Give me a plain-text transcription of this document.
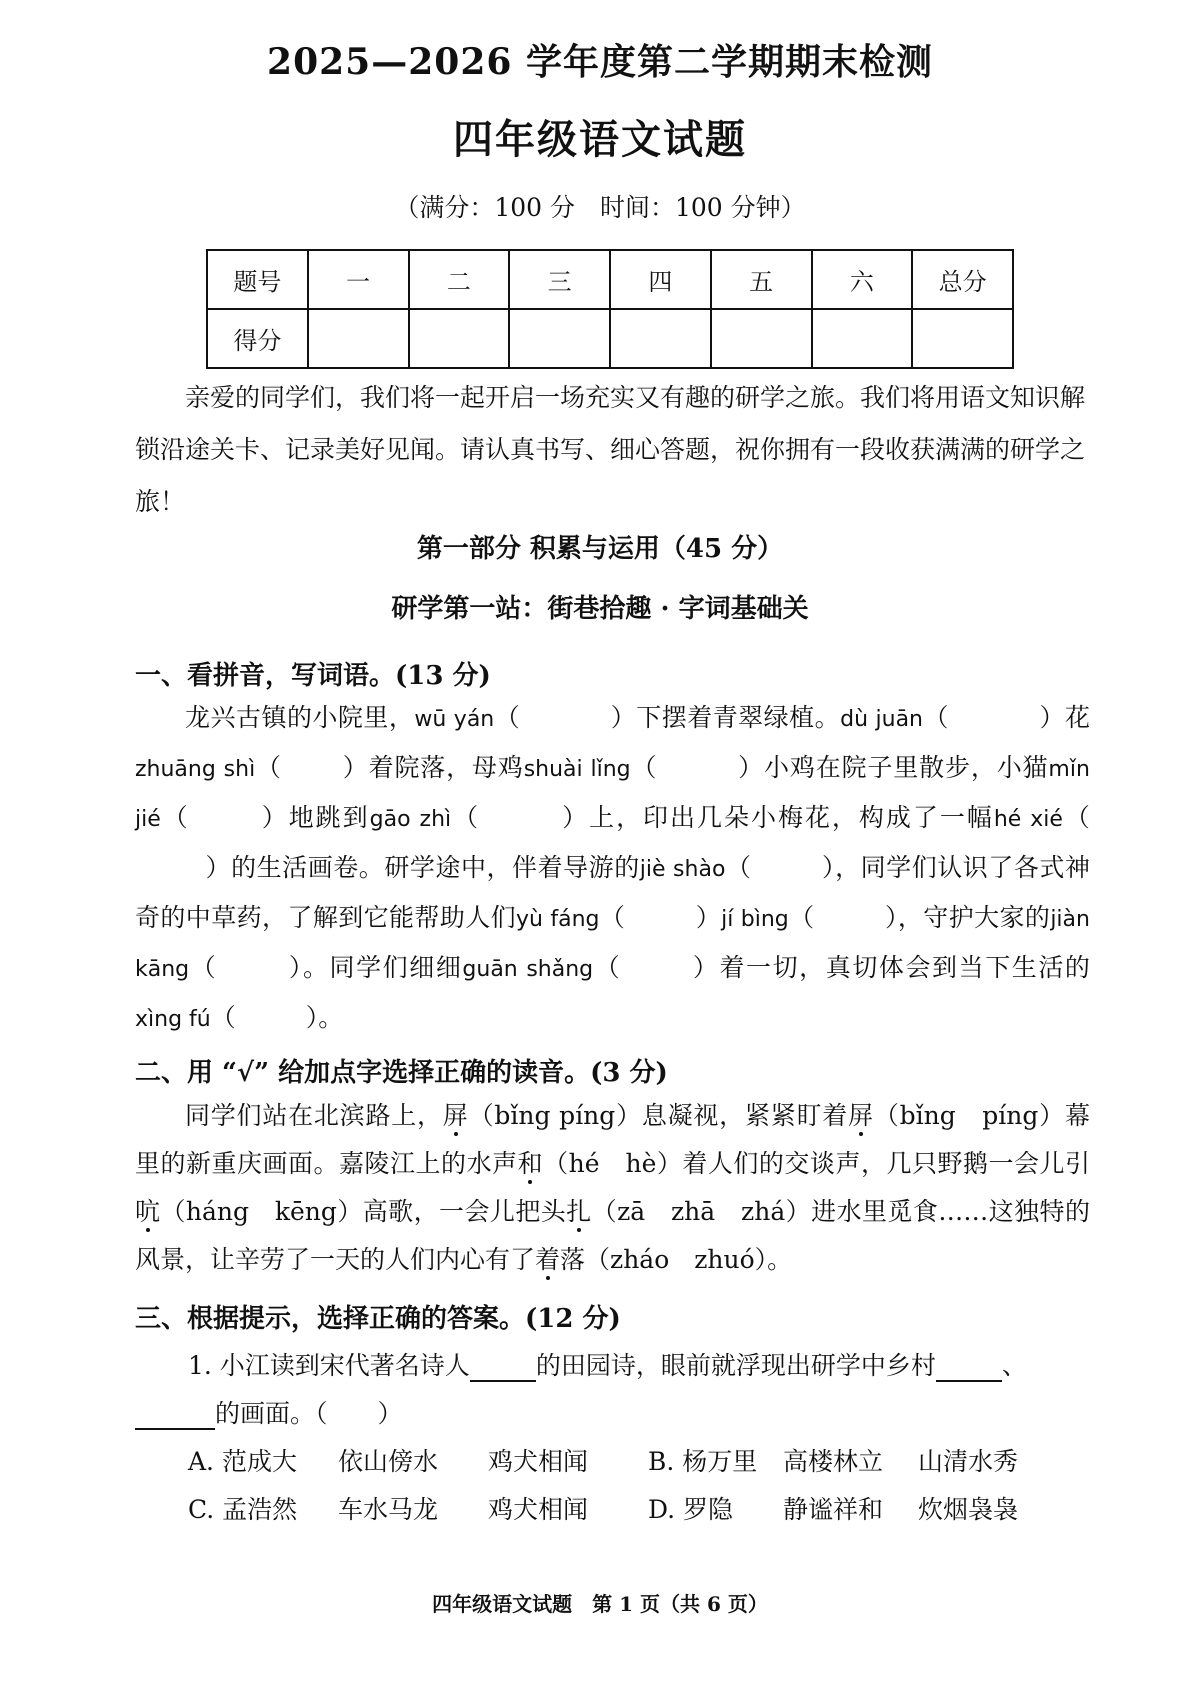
2025—2026 学年度第二学期期末检测
四年级语文试题
（满分：100 分　时间：100 分钟）
题号	一	二	三	四	五	六	总分
得分							
亲爱的同学们，我们将一起开启一场充实又有趣的研学之旅。我们将用语文知识解锁沿途关卡、记录美好见闻。请认真书写、细心答题，祝你拥有一段收获满满的研学之旅！
第一部分 积累与运用（45 分）
研学第一站：街巷拾趣 · 字词基础关
一、看拼音，写词语。(13 分)
龙兴古镇的小院里，wū yán（	）下摆着青翠绿植。dù juān（	）花zhuāng shì（ ）着院落，母鸡shuài lǐng（	）小鸡在院子里散步，小猫mǐn jié（	）地跳到gāo zhì（	）上，印出几朵小梅花，构成了一幅hé xié（）的生活画卷。研学途中，伴着导游的jiè shào（	），同学们认识了各式神奇的中草药，了解到它能帮助人们yù fáng（	）jí bìng（	），守护大家的jiàn kāng（	）。同学们细细guān shǎng（	）着一切，真切体会到当下生活的xìng fú（	）。
二、用 “√” 给加点字选择正确的读音。(3 分)
同学们站在北滨路上，屏（bǐng píng）息凝视，紧紧盯着屏（bǐng　píng）幕里的新重庆画面。嘉陵江上的水声和（hé　hè）着人们的交谈声，几只野鹅一会儿引吭（háng　kēng）高歌，一会儿把头扎（zā　zhā　zhá）进水里觅食……这独特的风景，让辛劳了一天的人们内心有了着落（zháo　zhuó）。
三、根据提示，选择正确的答案。(12 分)
1. 小江读到宋代著名诗人	的田园诗，眼前就浮现出研学中乡村	、
的画面。（　　）
A. 范成大 依山傍水 鸡犬相闻 B. 杨万里 高楼林立 山清水秀
C. 孟浩然 车水马龙 鸡犬相闻 D. 罗隐 静谧祥和 炊烟袅袅
四年级语文试题　第 1 页（共 6 页）
